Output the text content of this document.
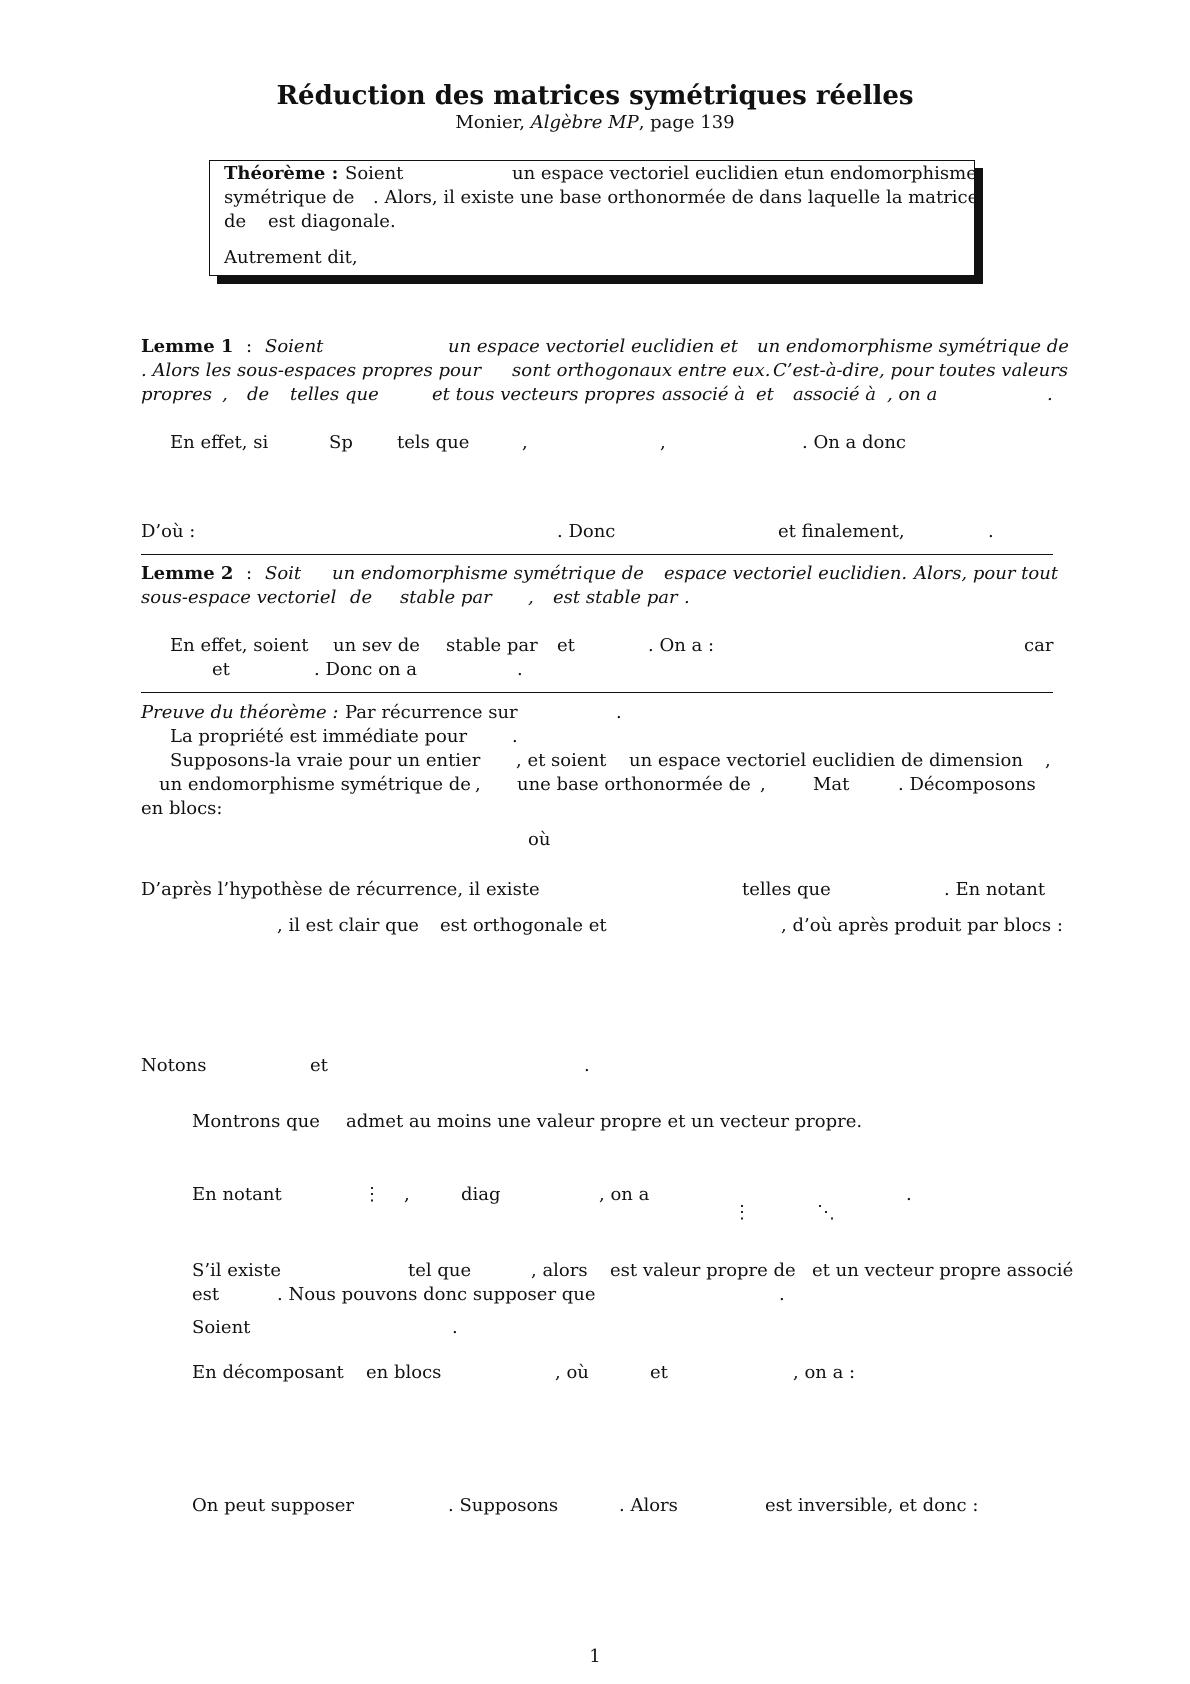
Réduction des matrices symétriques réelles
Monier, Algèbre MP, page 139
Théorème : Soient	un espace vectoriel euclidien et un endomorphisme
symétrique de . Alors, il existe une base orthonormée de dans laquelle la matrice
de est diagonale.
Autrement dit,
Lemme 1 : Soient	un espace vectoriel euclidien et un endomorphisme symétrique de
. Alors les sous-espaces propres pour sont orthogonaux entre eux. C’est-à-dire, pour toutes valeurs
propres , de telles que	et tous vecteurs propres associé à et associé à , on a	.
En effet, si	Sp tels que	,	,	. On a donc
D’où :	. Donc	et finalement,	.
Lemme 2 : Soit un endomorphisme symétrique de espace vectoriel euclidien. Alors, pour tout
sous-espace vectoriel de stable par , est stable par .
En effet, soient un sev de stable par et	. On a :	car
et	. Donc on a	.
Preuve du théorème : Par récurrence sur	.
La propriété est immédiate pour .
Supposons-la vraie pour un entier , et soient un espace vectoriel euclidien de dimension ,
un endomorphisme symétrique de , une base orthonormée de ,	Mat	. Décomposons
en blocs:
où
D’après l’hypothèse de récurrence, il existe	telles que	. En notant
, il est clair que est orthogonale et	, d’où après produit par blocs :
Notons	et	.
Montrons que admet au moins une valeur propre et un vecteur propre.
En notant	⋮ ,	diag	, on a
⋮	⋱
.
S’il existe	tel que	, alors est valeur propre de et un vecteur propre associé
est	. Nous pouvons donc supposer que	.
Soient	.
En décomposant en blocs	, où	et	, on a :
On peut supposer	. Supposons	. Alors	est inversible, et donc :
1
